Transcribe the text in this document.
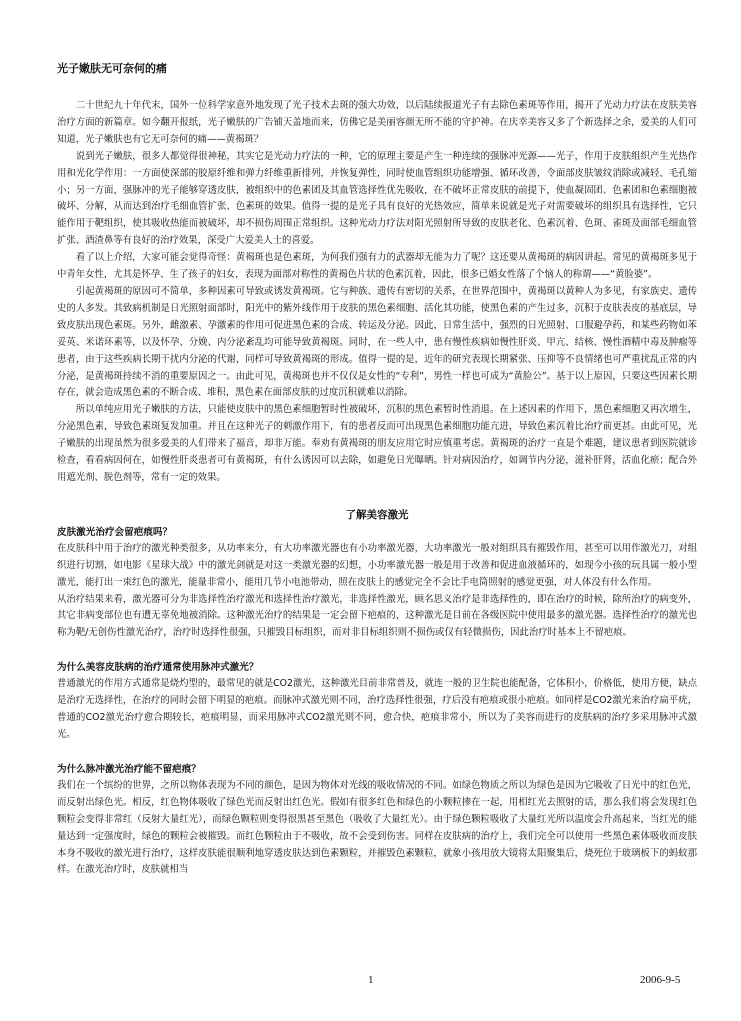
光子嫩肤无可奈何的痛

二十世纪九十年代末，国外一位科学家意外地发现了光子技术去斑的强大功效，以后陆续报道光子有去除色素斑等作用，揭开了光动力疗法在皮肤美容治疗方面的新篇章。如今翻开报纸，光子嫩肤的广告铺天盖地而来，仿佛它是美丽容颜无所不能的守护神。在庆幸美容又多了个新选择之余，爱美的人们可知道，光子嫩肤也有它无可奈何的痛——黄褐斑？

说到光子嫩肤，很多人都觉得很神秘，其实它是光动力疗法的一种，它的原理主要是产生一种连续的强脉冲光源——光子，作用于皮肤组织产生光热作用和光化学作用：一方面使深部的胶原纤维和弹力纤维重新排列，并恢复弹性，同时使血管组织功能增强、循环改善，令面部皮肤皱纹消除或减轻、毛孔缩小；另一方面，强脉冲的光子能够穿透皮肤，被组织中的色素团及其血管选择性优先吸收，在不破坏正常皮肤的前提下，使血凝固团、色素团和色素细胞被破坏、分解，从而达到治疗毛细血管扩张、色素斑的效果。值得一提的是光子具有良好的光热效应，简单来说就是光子对需要破坏的组织具有选择性，它只能作用于靶组织，使其吸收热能而被破坏，却不损伤周围正常组织。这种光动力疗法对阳光照射所导致的皮肤老化、色素沉着、色斑、雀斑及面部毛细血管扩张、酒渣鼻等有良好的治疗效果，深受广大爱美人士的喜爱。

看了以上介绍，大家可能会觉得奇怪：黄褐斑也是色素斑，为何我们强有力的武器却无能为力了呢？这还要从黄褐斑的病因讲起。常见的黄褐斑多见于中青年女性，尤其是怀孕、生了孩子的妇女，表现为面部对称性的黄褐色片状的色素沉着，因此，很多已婚女性落了个恼人的称谓——“黄脸婆”。

引起黄褐斑的原因可不简单，多种因素可导致或诱发黄褐斑。它与种族、遗传有密切的关系，在世界范围中，黄褐斑以黄种人为多见，有家族史、遗传史的人多发。其致病机制是日光照射面部时，阳光中的紫外线作用于皮肤的黑色素细胞、活化其功能，使黑色素的产生过多，沉积于皮肤表皮的基底层，导致皮肤出现色素斑。另外，雌激素、孕激素的作用可促进黑色素的合成、转运及分泌。因此，日常生活中，强烈的日光照射、口服避孕药，和某些药物如苯妥英、米诺环素等，以及怀孕、分娩、内分泌紊乱均可能导致黄褐斑。同时，在一些人中，患有慢性疾病如慢性肝炎、甲亢、结核、慢性酒精中毒及肿瘤等患者，由于这些疾病长期干扰内分泌的代谢，同样可导致黄褐斑的形成。值得一提的是，近年的研究表现长期紧张、压抑等不良情绪也可严重扰乱正常的内分泌，是黄褐斑持续不消的重要原因之一。由此可见，黄褐斑也并不仅仅是女性的“专利”，男性一样也可成为“黄脸公”。基于以上原因，只要这些因素长期存在，就会造成黑色素的不断合成、堆积，黑色素在面部皮肤的过度沉积就难以消除。

所以单纯应用光子嫩肤的方法，只能使皮肤中的黑色素细胞暂时性被破坏，沉积的黑色素暂时性消退。在上述因素的作用下，黑色素细胞又再次增生，分泌黑色素，导致色素斑复发加重。并且在这种光子的刺激作用下，有的患者反而可出现黑色素细胞功能亢进，导致色素沉着比治疗前更甚。由此可见，光子嫩肤的出现虽然为很多爱美的人们带来了福音，却非万能。奉劝有黄褐斑的朋友应用它时应慎重考虑。黄褐斑的治疗一直是个难题，建议患者到医院就诊检查，看看病因何在，如慢性肝炎患者可有黄褐斑，有什么诱因可以去除，如避免日光曝晒。针对病因治疗，如调节内分泌，滋补肝肾，活血化瘀；配合外用遮光剂、脱色剂等，常有一定的效果。

了解美容激光

皮肤激光治疗会留疤痕吗？

在皮肤科中用于治疗的激光种类很多，从功率来分，有大功率激光器也有小功率激光器，大功率激光一般对组织具有摧毁作用，甚至可以用作激光刀，对组织进行切割，如电影《星球大战》中的激光剑就是对这一类激光器的幻想，小功率激光器一般是用于改善和促进血液循环的，如现今小孩的玩具属一般小型激光，能打出一束红色的激光，能量非常小，能用几节小电池带动，照在皮肤上的感觉完全不会比手电筒照射的感觉更强，对人体没有什么作用。

从治疗结果来看，激光器可分为非选择性治疗激光和选择性治疗激光，非选择性激光，顾名思义治疗是非选择性的，即在治疗的时候，除所治疗的病变外，其它非病变部位也有遭无辜免地被消除。这种激光治疗的结果是一定会留下疤痕的，这种激光是目前在各级医院中使用最多的激光器。选择性治疗的激光也称为靶/无创伤性激光治疗，治疗时选择性很强，只摧毁目标组织，而对非目标组织则不损伤或仅有轻微损伤，因此治疗时基本上不留疤痕。

为什么美容皮肤病的治疗通常使用脉冲式激光？

普通激光的作用方式通常是烧灼型的，最常见的就是CO2激光，这种激光目前非常普及，就连一般的卫生院也能配备，它体积小，价格低，使用方便，缺点是治疗无选择性，在治疗的同时会留下明显的疤痕。而脉冲式激光则不同，治疗选择性很强，疗后没有疤痕或很小疤痕。如同样是CO2激光来治疗扁平疣，普通的CO2激光治疗愈合期较长，疤痕明显，而采用脉冲式CO2激光则不同，愈合快，疤痕非常小，所以为了美容而进行的皮肤病的治疗多采用脉冲式激光。

为什么脉冲激光治疗能不留疤痕？

我们在一个缤纷的世界，之所以物体表现为不同的颜色，是因为物体对光线的吸收情况的不同。如绿色物质之所以为绿色是因为它吸收了日光中的红色光，而反射出绿色光。相反，红色物体吸收了绿色光而反射出红色光。假如有很多红色和绿色的小颗粒掺在一起，用相红光去照射的话，那么我们将会发现红色颗粒会变得非常红（反射大量红光），而绿色颗粒则变得很黑甚至黑色（吸收了大量红光）。由于绿色颗粒吸收了大量红光所以温度会升高起来，当红光的能量达到一定强度时，绿色的颗粒会被摧毁。而红色颗粒由于不吸收，故不会受到伤害。同样在皮肤病的治疗上，我们完全可以使用一些黑色素体吸收而皮肤本身不吸收的激光进行治疗，这样皮肤能很顺利地穿透皮肤达到色素颗粒，并摧毁色素颗粒，就象小孩用放大镜将太阳聚集后，烧死位于玻璃板下的蚂蚁那样。在激光治疗时，皮肤就相当

1	2006-9-5
